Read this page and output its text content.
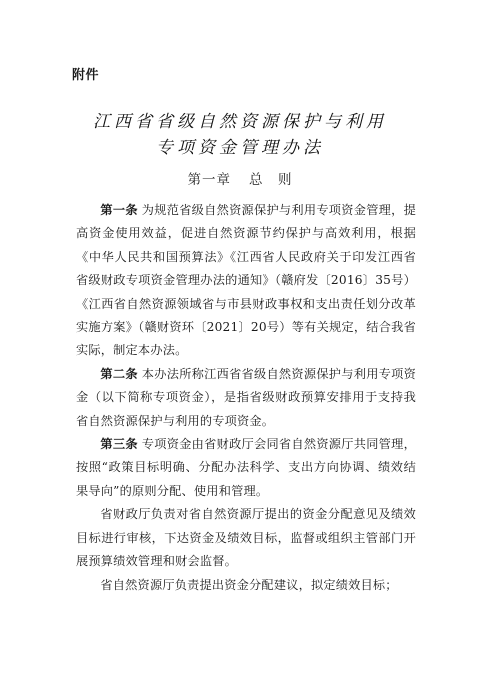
附件
江西省省级自然资源保护与利用
专项资金管理办法
第一章 总　则

第一条 为规范省级自然资源保护与利用专项资金管理，提高资金使用效益，促进自然资源节约保护与高效利用，根据《中华人民共和国预算法》《江西省人民政府关于印发江西省省级财政专项资金管理办法的通知》（赣府发〔2016〕35号）《江西省自然资源领域省与市县财政事权和支出责任划分改革实施方案》（赣财资环〔2021〕20号）等有关规定，结合我省实际，制定本办法。

第二条 本办法所称江西省省级自然资源保护与利用专项资金（以下简称专项资金），是指省级财政预算安排用于支持我省自然资源保护与利用的专项资金。

第三条 专项资金由省财政厅会同省自然资源厅共同管理，按照“政策目标明确、分配办法科学、支出方向协调、绩效结果导向”的原则分配、使用和管理。

省财政厅负责对省自然资源厅提出的资金分配意见及绩效目标进行审核，下达资金及绩效目标，监督或组织主管部门开展预算绩效管理和财会监督。

省自然资源厅负责提出资金分配建议，拟定绩效目标；
